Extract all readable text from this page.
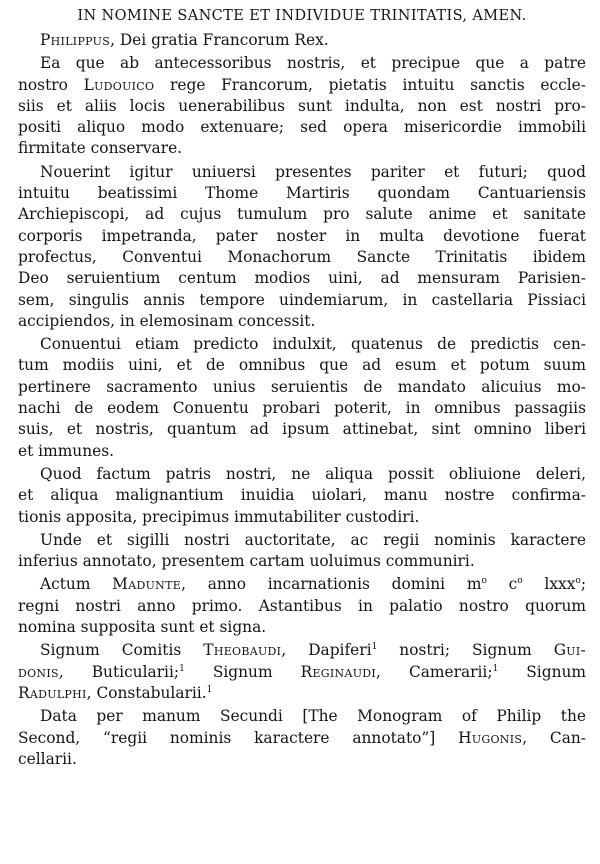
IN NOMINE SANCTE ET INDIVIDUE TRINITATIS, AMEN.
Philippus, Dei gratia Francorum Rex.
Ea que ab antecessoribus nostris, et precipue que a patre
nostro Ludouico rege Francorum, pietatis intuitu sanctis eccle-
siis et aliis locis uenerabilibus sunt indulta, non est nostri pro-
positi aliquo modo extenuare; sed opera misericordie immobili
firmitate conservare.
Nouerint igitur uniuersi presentes pariter et futuri; quod
intuitu beatissimi Thome Martiris quondam Cantuariensis
Archiepiscopi, ad cujus tumulum pro salute anime et sanitate
corporis impetranda, pater noster in multa devotione fuerat
profectus, Conventui Monachorum Sancte Trinitatis ibidem
Deo seruientium centum modios uini, ad mensuram Parisien-
sem, singulis annis tempore uindemiarum, in castellaria Pissiaci
accipiendos, in elemosinam concessit.
Conuentui etiam predicto indulxit, quatenus de predictis cen-
tum modiis uini, et de omnibus que ad esum et potum suum
pertinere sacramento unius seruientis de mandato alicuius mo-
nachi de eodem Conuentu probari poterit, in omnibus passagiis
suis, et nostris, quantum ad ipsum attinebat, sint omnino liberi
et immunes.
Quod factum patris nostri, ne aliqua possit obliuione deleri,
et aliqua malignantium inuidia uiolari, manu nostre confirma-
tionis apposita, precipimus immutabiliter custodiri.
Unde et sigilli nostri auctoritate, ac regii nominis karactere
inferius annotato, presentem cartam uoluimus communiri.
Actum Madunte, anno incarnationis domini $m^o$ $c^o$ lxxx$^o$;
regni nostri anno primo. Astantibus in palatio nostro quorum
nomina supposita sunt et signa.
Signum Comitis Theobaudi, Dapiferi$^1$ nostri; Signum Gui-
donis, Buticularii;$^1$ Signum Reginaudi, Camerarii;$^1$ Signum
Radulphi, Constabularii.$^1$
Data per manum Secundi [The Monogram of Philip the
Second, “regii nominis karactere annotato”] Hugonis, Can-
cellarii.
